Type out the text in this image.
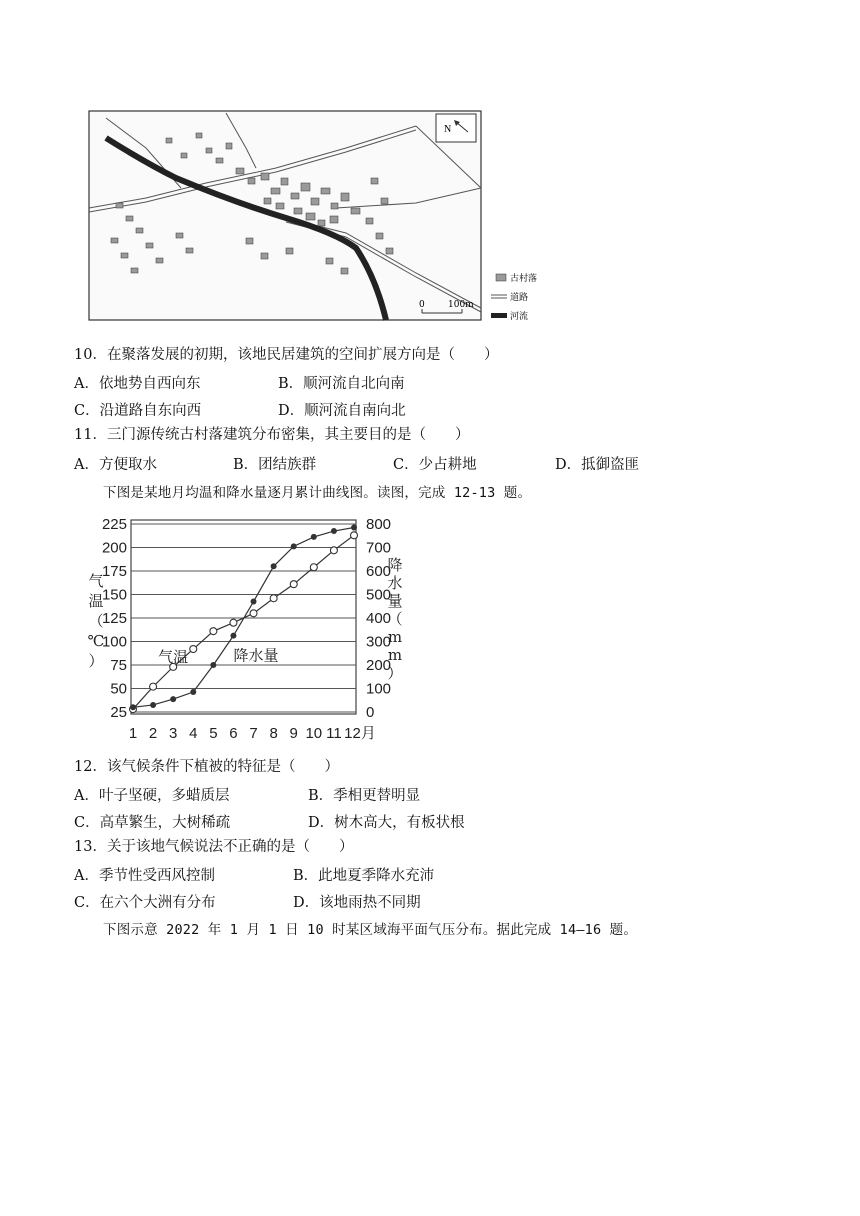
N
古村落
道路
河流
0	100m
10．在聚落发展的初期，该地民居建筑的空间扩展方向是（　　）
A．依地势自西向东	B．顺河流自北向南
C．沿道路自东向西	D．顺河流自南向北
11．三门源传统古村落建筑分布密集，其主要目的是（　　）
A．方便取水	B．团结族群	C．少占耕地	D．抵御盗匪
下图是某地月均温和降水量逐月累计曲线图。读图，完成 12-13 题。
25
50
75
100
125
150
175
200
225
0
100
200
300
400
500
600
700
800
1 2 3 4 5 6 7 8 9 10 11 12月
气
温
（
℃
）
降
水
量
（
m
m
）
气温	降水量
12．该气候条件下植被的特征是（　　）
A．叶子坚硬，多蜡质层	B．季相更替明显
C．高草繁生，大树稀疏	D．树木高大，有板状根
13．关于该地气候说法不正确的是（　　）
A．季节性受西风控制	B．此地夏季降水充沛
C．在六个大洲有分布	D．该地雨热不同期
下图示意 2022 年 1 月 1 日 10 时某区域海平面气压分布。据此完成 14—16 题。
